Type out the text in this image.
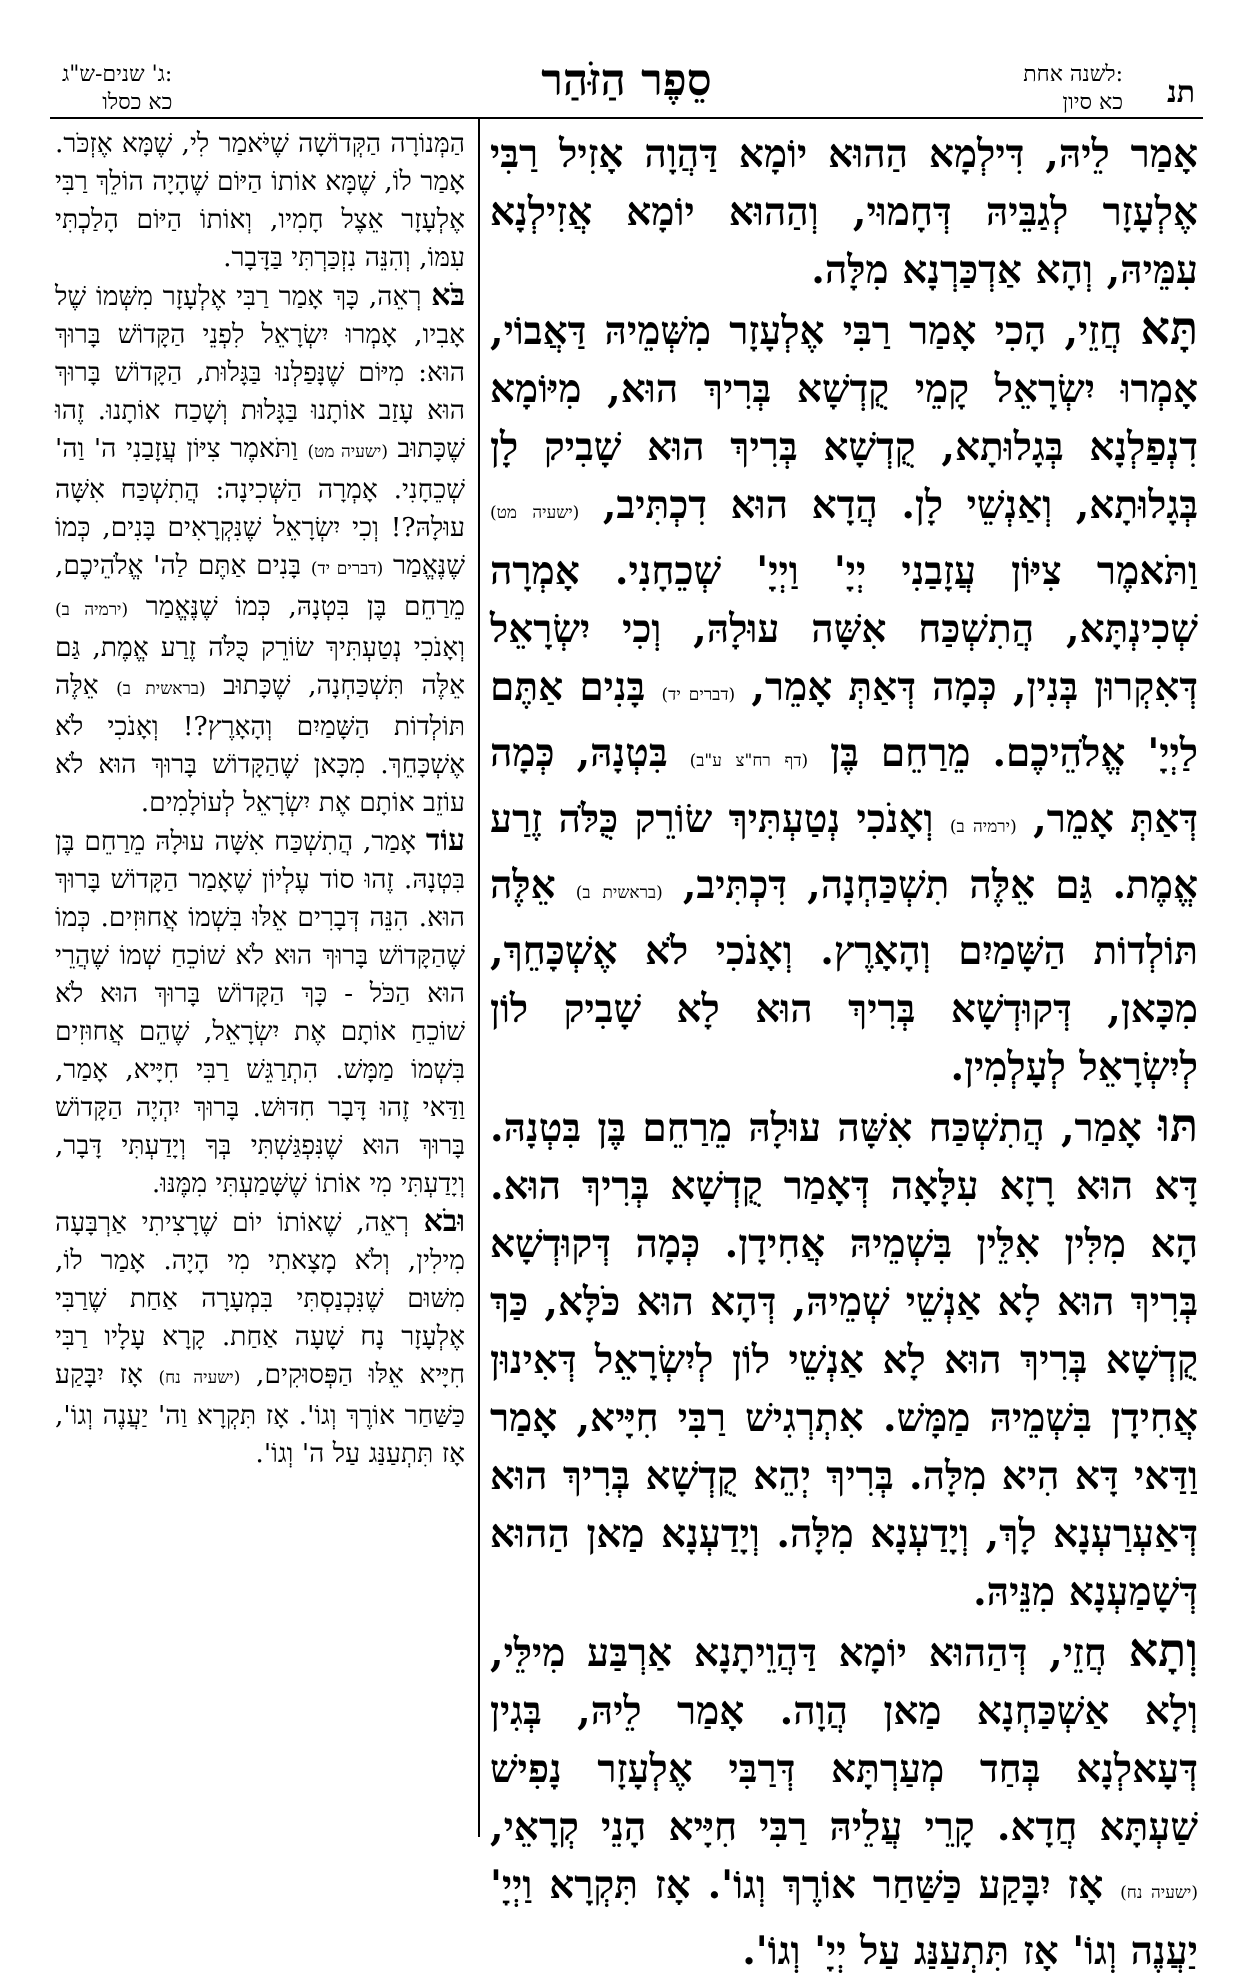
תנ
לשנה אחת:
כא סיון
סֵפֶר הַזֹּהַר
ג' שנים-ש"ג:
כא כסלו

אָמַר לֵיהּ, דִּילְמָא הַהוּא יוֹמָא דַּהֲוָה אָזִיל רַבִּי אֶלְעָזָר לְגַבֵּיהּ דְּחָמוּי, וְהַהוּא יוֹמָא אֲזִילְנָא עִמֵּיהּ, וְהָא אַדְכַּרְנָא מִלָּה.

תָּא חֲזֵי, הָכִי אָמַר רַבִּי אֶלְעָזָר מִשְּׁמֵיהּ דַּאֲבוֹי, אָמְרוּ יִשְׂרָאֵל קָמֵי קֻדְשָׁא בְּרִיךְ הוּא, מִיּוֹמָא דִנְפַלְנָא בְּגָלוּתָא, קֻדְשָׁא בְּרִיךְ הוּא שָׁבִיק לָן בְּגָלוּתָא, וְאַנְשֵׁי לָן. הֲדָא הוּא דִכְתִּיב, (ישעיה מט) וַתֹּאמֶר צִיּוֹן עֲזָבַנִי יְיָ' וַיְיָ' שְׁכֵחָנִי. אָמְרָה שְׁכִינְתָּא, הֲתִשְׁכַּח אִשָּׁה עוּלָהּ, וְכִי יִשְׂרָאֵל דְּאִקְרוּן בְּנִין, כְּמָה דְּאַתְּ אָמֵר, (דברים יד) בָּנִים אַתֶּם לַיְיָ' אֱלֹהֵיכֶם. מֵרַחֵם בֶּן (דף רח"צ ע"ב) בִּטְנָהּ, כְּמָה דְּאַתְּ אָמֵר, (ירמיה ב) וְאָנֹכִי נְטַעְתִּיךְ שׂוֹרֵק כֻּלֹּה זֶרַע אֱמֶת. גַּם אֵלֶּה תִשְׁכַּחְנָה, דִּכְתִּיב, (בראשית ב) אֵלֶּה תּוֹלְדוֹת הַשָּׁמַיִם וְהָאָרֶץ. וְאָנֹכִי לֹא אֶשְׁכָּחֵךְ, מִכָּאן, דְּקוּדְשָׁא בְּרִיךְ הוּא לָא שָׁבִיק לוֹן לְיִשְׂרָאֵל לְעָלְמִין.

תּוּ אָמַר, הֲתִשְׁכַּח אִשָּׁה עוּלָהּ מֵרַחֵם בֶּן בִּטְנָהּ. דָּא הוּא רָזָא עִלָּאָה דְּאָמַר קֻדְשָׁא בְּרִיךְ הוּא. הָא מִלִּין אִלֵּין בִּשְׁמֵיהּ אֲחִידָן. כְּמָה דְּקוּדְשָׁא בְּרִיךְ הוּא לָא אַנְשֵׁי שְׁמֵיהּ, דְּהָא הוּא כֹּלָּא, כַּךְ קֻדְשָׁא בְּרִיךְ הוּא לָא אַנְשֵׁי לוֹן לְיִשְׂרָאֵל דְּאִינוּן אֲחִידָן בִּשְׁמֵיהּ מַמָּשׁ. אִתְרְגִישׁ רַבִּי חִיָּיא, אָמַר וַדַּאי דָּא הִיא מִלָּה. בְּרִיךְ יְהֵא קֻדְשָׁא בְּרִיךְ הוּא דְּאַעְרַעְנָא לָךְ, וְיָדַעְנָא מִלָּה. וְיָדַעְנָא מַאן הַהוּא דְּשָׁמַעְנָא מִנֵּיהּ.

וְתָא חֲזֵי, דְּהַהוּא יוֹמָא דַּהֲוֵיתָנָא אַרְבַּע מִילֵּי, וְלָא אַשְׁכַּחְנָא מַאן הֲוָה. אָמַר לֵיהּ, בְּגִין דְּעָאלְנָא בְּחַד מְעַרְתָּא דְּרַבִּי אֶלְעָזָר נָפִישׁ שַׁעְתָּא חֲדָא. קָרֵי עֲלֵיהּ רַבִּי חִיָּיא הָנֵי קְרָאֵי, (ישעיה נח) אָז יִבָּקַע כַּשַּׁחַר אוֹרֶךְ וְגוֹ'. אָז תִּקְרָא וַיְיָ' יַעֲנֶה וְגוֹ' אָז תִּתְעַנַּג עַל יְיָ' וְגוֹ'.

הַמְּנוֹרָה הַקְּדוֹשָׁה שֶׁיֹּאמַר לִי, שֶׁמָּא אֶזְכֹּר. אָמַר לוֹ, שֶׁמָּא אוֹתוֹ הַיּוֹם שֶׁהָיָה הוֹלֵךְ רַבִּי אֶלְעָזָר אֵצֶל חָמִיו, וְאוֹתוֹ הַיּוֹם הָלַכְתִּי עִמּוֹ, וְהִנֵּה נִזְכַּרְתִּי בַּדָּבָר.

בֹּא רְאֵה, כָּךְ אָמַר רַבִּי אֶלְעָזָר מִשְּׁמוֹ שֶׁל אָבִיו, אָמְרוּ יִשְׂרָאֵל לִפְנֵי הַקָּדוֹשׁ בָּרוּךְ הוּא: מִיּוֹם שֶׁנָּפַלְנוּ בַּגָּלוּת, הַקָּדוֹשׁ בָּרוּךְ הוּא עָזַב אוֹתָנוּ בַּגָּלוּת וְשָׁכַח אוֹתָנוּ. זֶהוּ שֶׁכָּתוּב (ישעיה מט) וַתֹּאמֶר צִיּוֹן עֲזָבַנִי ה' וַה' שְׁכֵחָנִי. אָמְרָה הַשְּׁכִינָה: הֲתִשְׁכַּח אִשָּׁה עוּלָהּ?! וְכִי יִשְׂרָאֵל שֶׁנִּקְרָאִים בָּנִים, כְּמוֹ שֶׁנֶּאֱמַר (דברים יד) בָּנִים אַתֶּם לַה' אֱלֹהֵיכֶם, מֵרַחֵם בֶּן בִּטְנָהּ, כְּמוֹ שֶׁנֶּאֱמַר (ירמיה ב) וְאָנֹכִי נְטַעְתִּיךְ שׂוֹרֵק כֻּלֹּה זֶרַע אֱמֶת, גַּם אֵלֶּה תִּשְׁכַּחְנָה, שֶׁכָּתוּב (בראשית ב) אֵלֶּה תּוֹלְדוֹת הַשָּׁמַיִם וְהָאָרֶץ?! וְאָנֹכִי לֹא אֶשְׁכָּחֵךְ. מִכָּאן שֶׁהַקָּדוֹשׁ בָּרוּךְ הוּא לֹא עוֹזֵב אוֹתָם אֶת יִשְׂרָאֵל לְעוֹלָמִים.

עוֹד אָמַר, הֲתִשְׁכַּח אִשָּׁה עוּלָהּ מֵרַחֵם בֶּן בִּטְנָהּ. זֶהוּ סוֹד עֶלְיוֹן שֶׁאָמַר הַקָּדוֹשׁ בָּרוּךְ הוּא. הִנֵּה דְּבָרִים אֵלּוּ בִּשְׁמוֹ אֲחוּזִים. כְּמוֹ שֶׁהַקָּדוֹשׁ בָּרוּךְ הוּא לֹא שׁוֹכֵחַ שְׁמוֹ שֶׁהֲרֵי הוּא הַכֹּל - כָּךְ הַקָּדוֹשׁ בָּרוּךְ הוּא לֹא שׁוֹכֵחַ אוֹתָם אֶת יִשְׂרָאֵל, שֶׁהֵם אֲחוּזִים בִּשְׁמוֹ מַמָּשׁ. הִתְרַגֵּשׁ רַבִּי חִיָּיא, אָמַר, וַדַּאי זֶהוּ דָּבָר חִדּוּשׁ. בָּרוּךְ יִהְיֶה הַקָּדוֹשׁ בָּרוּךְ הוּא שֶׁנִּפְגַּשְׁתִּי בְּךָ וְיָדַעְתִּי דָּבָר, וְיָדַעְתִּי מִי אוֹתוֹ שֶׁשָּׁמַעְתִּי מִמֶּנּוּ.

וּבֹא רְאֵה, שֶׁאוֹתוֹ יוֹם שֶׁרָצִיתִי אַרְבָּעָה מִילִין, וְלֹא מָצָאתִי מִי הָיָה. אָמַר לוֹ, מִשּׁוּם שֶׁנִּכְנַסְתִּי בִּמְעָרָה אַחַת שֶׁרַבִּי אֶלְעָזָר נָח שָׁעָה אַחַת. קָרָא עָלָיו רַבִּי חִיָּיא אֵלּוּ הַפְּסוּקִים, (ישעיה נח) אָז יִבָּקַע כַּשַּׁחַר אוֹרֶךְ וְגוֹ'. אָז תִּקְרָא וַה' יַעֲנֶה וְגוֹ', אָז תִּתְעַנַּג עַל ה' וְגוֹ'.
